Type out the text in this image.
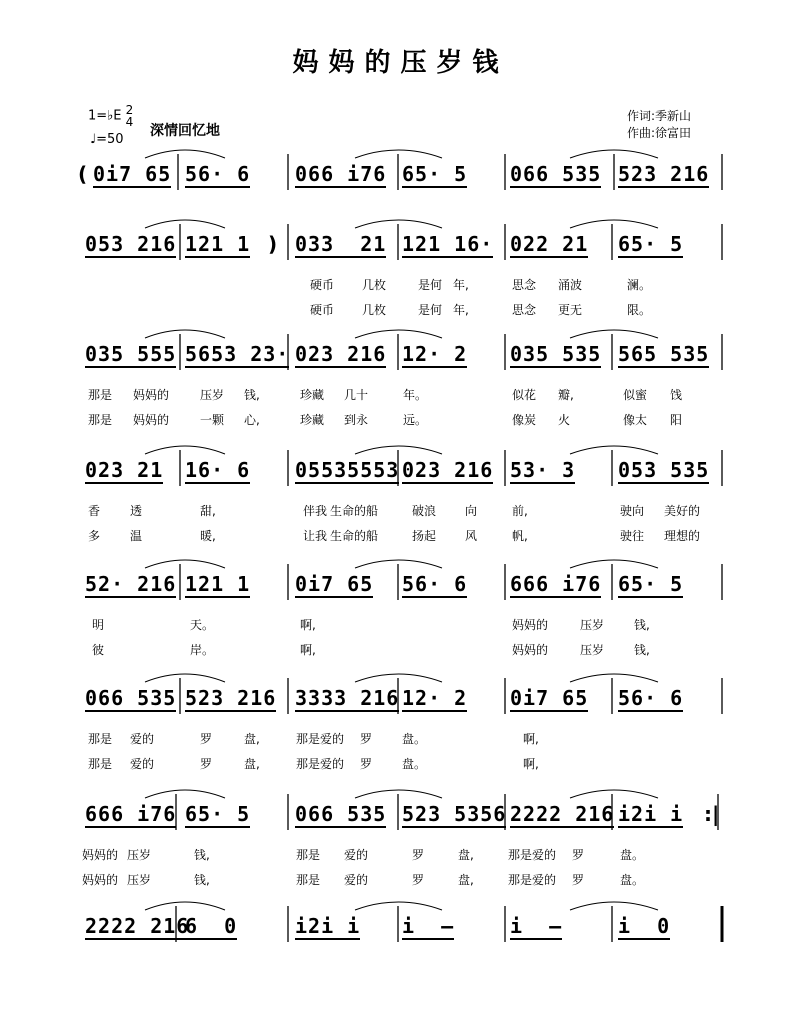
妈妈的压岁钱
1=♭E 2
4
♩=50
深情回忆地
作词:季新山
作曲:徐富田
( 0i7 65 56· 6 066 i76 65· 5 066 535 523 216
)
053 216 121 1 033  21 121 16· 022 21 65· 5
硬币 几枚	是何 年,	思念 涌波	澜。
硬币 几枚	是何 年,	思念 更无	限。
035 555 5653 23· 023 216 12· 2 035 535 565 535
那是 妈妈的	压岁 钱,	珍藏 几十	年。	似花 瓣,	似蜜 饯
那是 妈妈的	一颗 心,	珍藏 到永	远。	像炭 火	像太 阳
023 21 16· 6 05535553 023 216 53· 3 053 535
香 透	甜,	伴我 生命的船	破浪 向	前,	驶向 美好的
多 温	暖,	让我 生命的船	扬起 风	帆,	驶往 理想的
52· 216 121 1 0i7 65 56· 6 666 i76 65· 5
明	天。	啊,	妈妈的	压岁 钱,
彼	岸。	啊,	妈妈的	压岁 钱,
066 535 523 216 3333 216 12· 2 0i7 65 56· 6
那是 爱的	罗	盘,	那是爱的 罗 盘。	啊,
那是 爱的	罗	盘,	那是爱的 罗 盘。	啊,
:|
666 i76 65· 5 066 535 523 5356 2222 216 i2i i
妈妈的 压岁	钱,	那是 爱的	罗	盘,	那是爱的 罗	盘。
妈妈的 压岁	钱,	那是 爱的	罗	盘,	那是爱的 罗	盘。
2222 216
6  0	i2i i i  –	i  –	i  0
